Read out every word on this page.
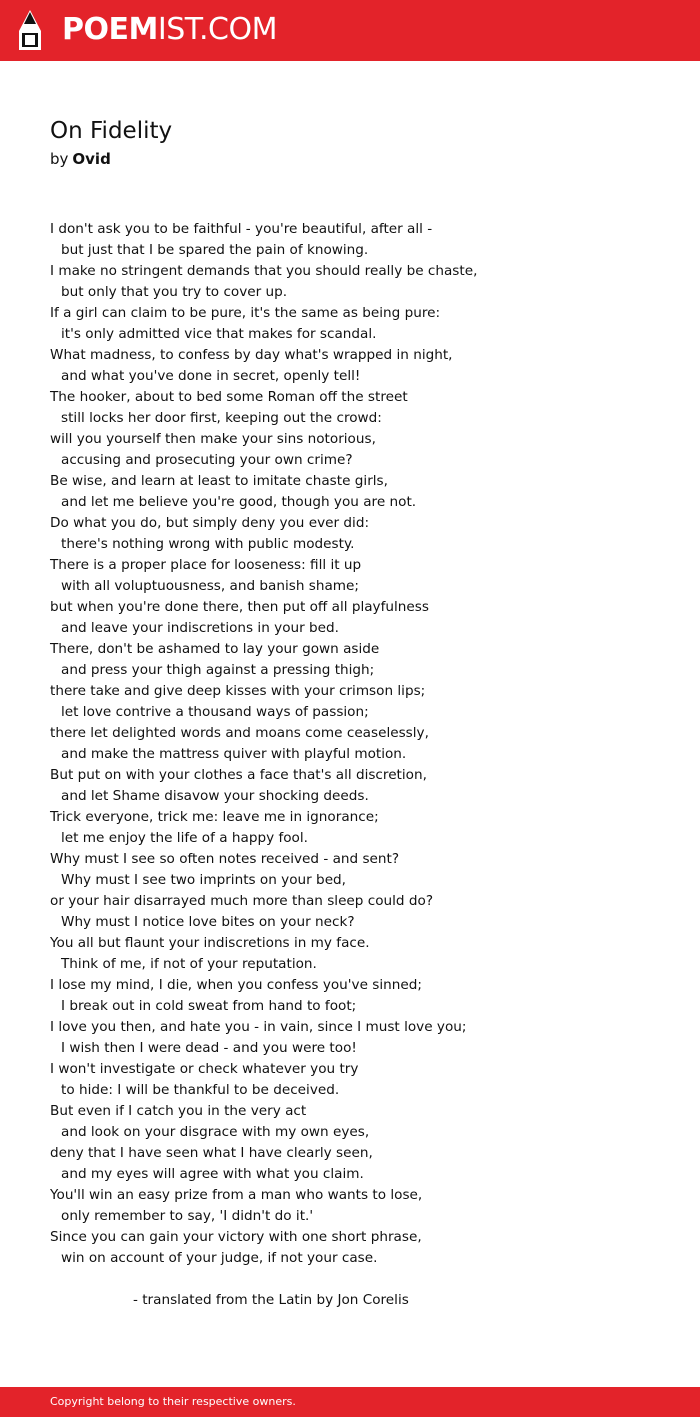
POEMIST.COM
On Fidelity
by Ovid
I don't ask you to be faithful - you're beautiful, after all -
but just that I be spared the pain of knowing.
I make no stringent demands that you should really be chaste,
but only that you try to cover up.
If a girl can claim to be pure, it's the same as being pure:
it's only admitted vice that makes for scandal.
What madness, to confess by day what's wrapped in night,
and what you've done in secret, openly tell!
The hooker, about to bed some Roman off the street
still locks her door first, keeping out the crowd:
will you yourself then make your sins notorious,
accusing and prosecuting your own crime?
Be wise, and learn at least to imitate chaste girls,
and let me believe you're good, though you are not.
Do what you do, but simply deny you ever did:
there's nothing wrong with public modesty.
There is a proper place for looseness: fill it up
with all voluptuousness, and banish shame;
but when you're done there, then put off all playfulness
and leave your indiscretions in your bed.
There, don't be ashamed to lay your gown aside
and press your thigh against a pressing thigh;
there take and give deep kisses with your crimson lips;
let love contrive a thousand ways of passion;
there let delighted words and moans come ceaselessly,
and make the mattress quiver with playful motion.
But put on with your clothes a face that's all discretion,
and let Shame disavow your shocking deeds.
Trick everyone, trick me: leave me in ignorance;
let me enjoy the life of a happy fool.
Why must I see so often notes received - and sent?
Why must I see two imprints on your bed,
or your hair disarrayed much more than sleep could do?
Why must I notice love bites on your neck?
You all but flaunt your indiscretions in my face.
Think of me, if not of your reputation.
I lose my mind, I die, when you confess you've sinned;
I break out in cold sweat from hand to foot;
I love you then, and hate you - in vain, since I must love you;
I wish then I were dead - and you were too!
I won't investigate or check whatever you try
to hide: I will be thankful to be deceived.
But even if I catch you in the very act
and look on your disgrace with my own eyes,
deny that I have seen what I have clearly seen,
and my eyes will agree with what you claim.
You'll win an easy prize from a man who wants to lose,
only remember to say, 'I didn't do it.'
Since you can gain your victory with one short phrase,
win on account of your judge, if not your case.
- translated from the Latin by Jon Corelis
Copyright belong to their respective owners.
